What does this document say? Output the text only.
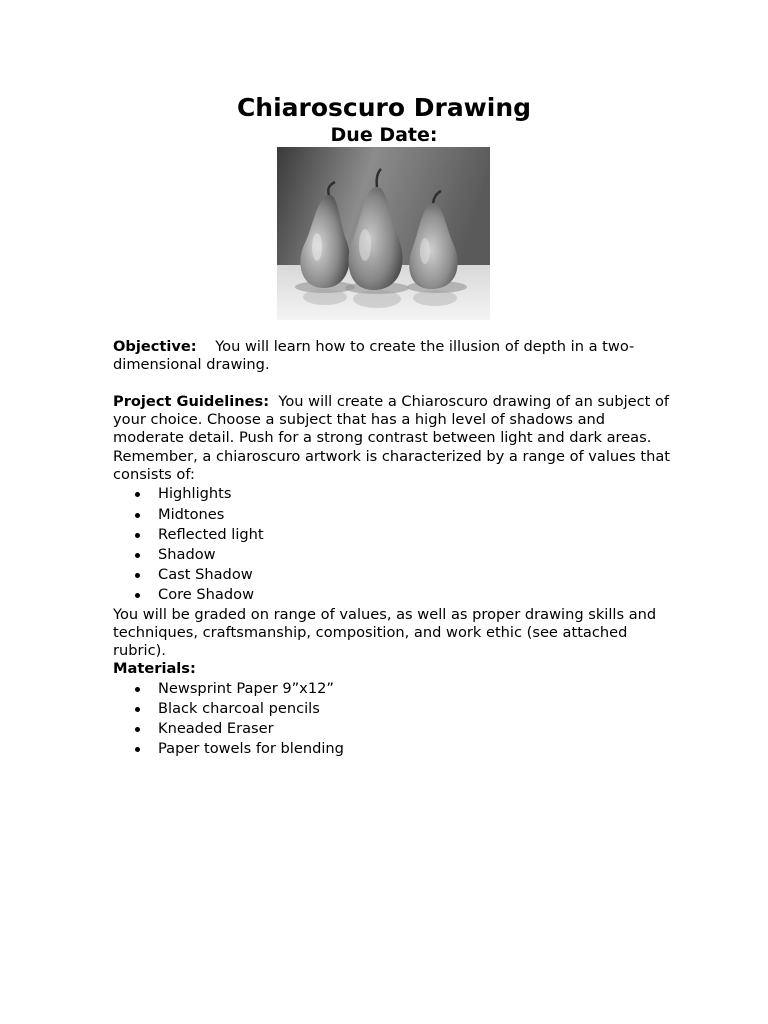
Chiaroscuro Drawing
Due Date:

Objective: You will learn how to create the illusion of depth in a two-dimensional drawing.

Project Guidelines: You will create a Chiaroscuro drawing of an subject of your choice. Choose a subject that has a high level of shadows and moderate detail. Push for a strong contrast between light and dark areas.

Remember, a chiaroscuro artwork is characterized by a range of values that consists of:

Highlights
Midtones
Reflected light
Shadow
Cast Shadow
Core Shadow

You will be graded on range of values, as well as proper drawing skills and techniques, craftsmanship, composition, and work ethic (see attached rubric).

Materials:

Newsprint Paper 9”x12”
Black charcoal pencils
Kneaded Eraser
Paper towels for blending
